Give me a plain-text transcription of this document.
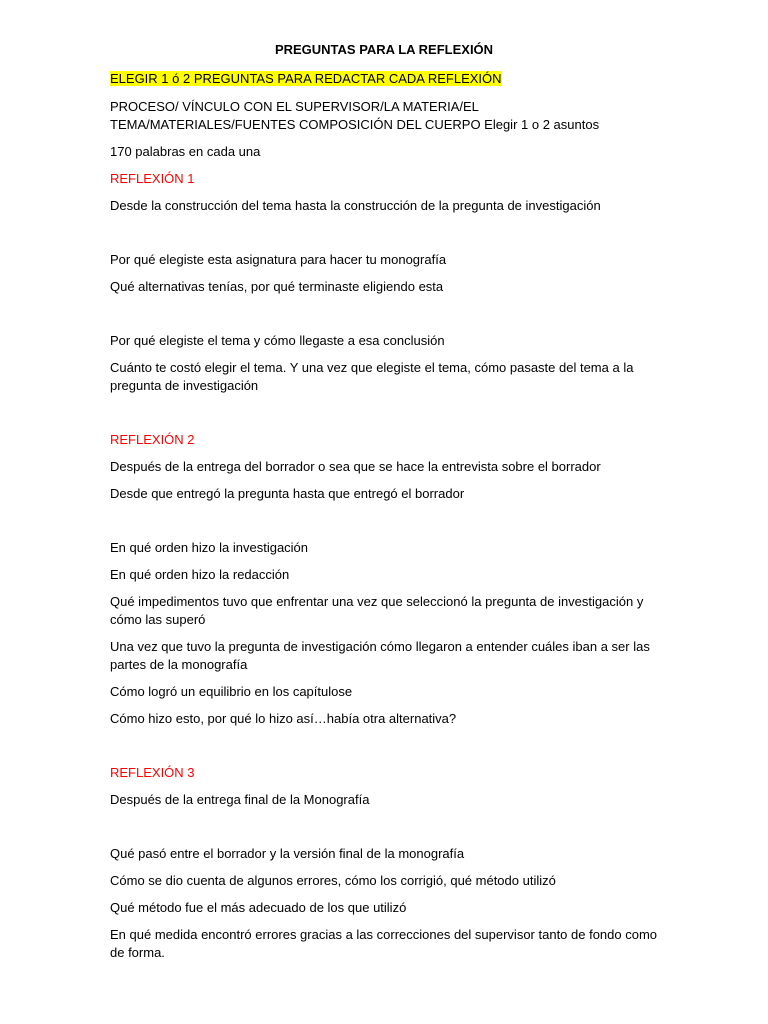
PREGUNTAS PARA LA REFLEXIÓN
ELEGIR 1 ó 2 PREGUNTAS PARA REDACTAR CADA REFLEXIÓN

PROCESO/ VÍNCULO CON EL SUPERVISOR/LA MATERIA/EL TEMA/MATERIALES/FUENTES COMPOSICIÓN DEL CUERPO Elegir 1 o 2 asuntos

170 palabras en cada una

REFLEXIÓN 1

Desde la construcción del tema hasta la construcción de la pregunta de investigación

Por qué elegiste esta asignatura para hacer tu monografía

Qué alternativas tenías, por qué terminaste eligiendo esta

Por qué elegiste el tema y cómo llegaste a esa conclusión

Cuánto te costó elegir el tema. Y una vez que elegiste el tema, cómo pasaste del tema a la pregunta de investigación

REFLEXIÓN 2

Después de la entrega del borrador o sea que se hace la entrevista sobre el borrador

Desde que entregó la pregunta hasta que entregó el borrador

En qué orden hizo la investigación

En qué orden hizo la redacción

Qué impedimentos tuvo que enfrentar una vez que seleccionó la pregunta de investigación y cómo las superó

Una vez que tuvo la pregunta de investigación cómo llegaron a entender cuáles iban a ser las partes de la monografía

Cómo logró un equilibrio en los capítulose

Cómo hizo esto, por qué lo hizo así…había otra alternativa?

REFLEXIÓN 3

Después de la entrega final de la Monografía

Qué pasó entre el borrador y la versión final de la monografía

Cómo se dio cuenta de algunos errores, cómo los corrigió, qué método utilizó

Qué método fue el más adecuado de los que utilizó

En qué medida encontró errores gracias a las correcciones del supervisor tanto de fondo como de forma.
